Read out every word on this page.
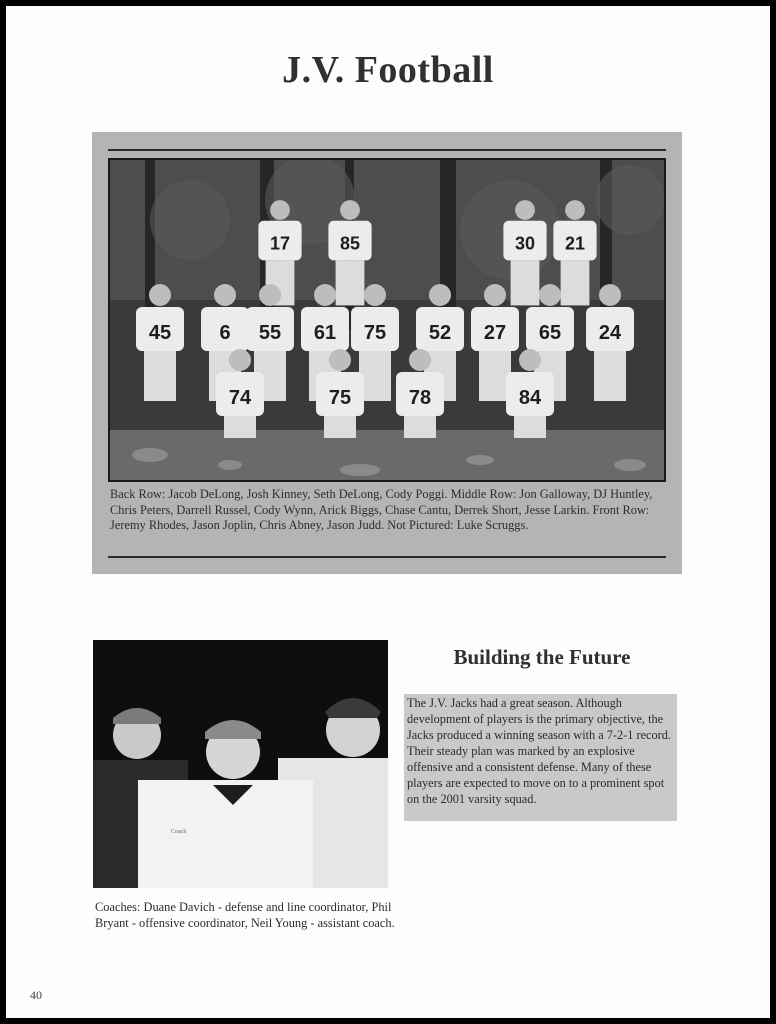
J.V. Football
17 85	30 21
45 6 55 61 75 52 27 65 24
74	75	78	84
Back Row: Jacob DeLong, Josh Kinney, Seth DeLong, Cody Poggi. Middle Row: Jon Galloway, DJ Huntley, Chris Peters, Darrell Russel, Cody Wynn, Arick Biggs, Chase Cantu, Derrek Short, Jesse Larkin. Front Row: Jeremy Rhodes, Jason Joplin, Chris Abney, Jason Judd. Not Pictured: Luke Scruggs.
Coach
Coaches: Duane Davich - defense and line coordinator, Phil Bryant - offensive coordinator, Neil Young - assistant coach.
Building the Future
The J.V. Jacks had a great season. Although development of players is the primary objective, the Jacks produced a winning season with a 7-2-1 record. Their steady plan was marked by an explosive offensive and a consistent defense. Many of these players are expected to move on to a prominent spot on the 2001 varsity squad.
40
